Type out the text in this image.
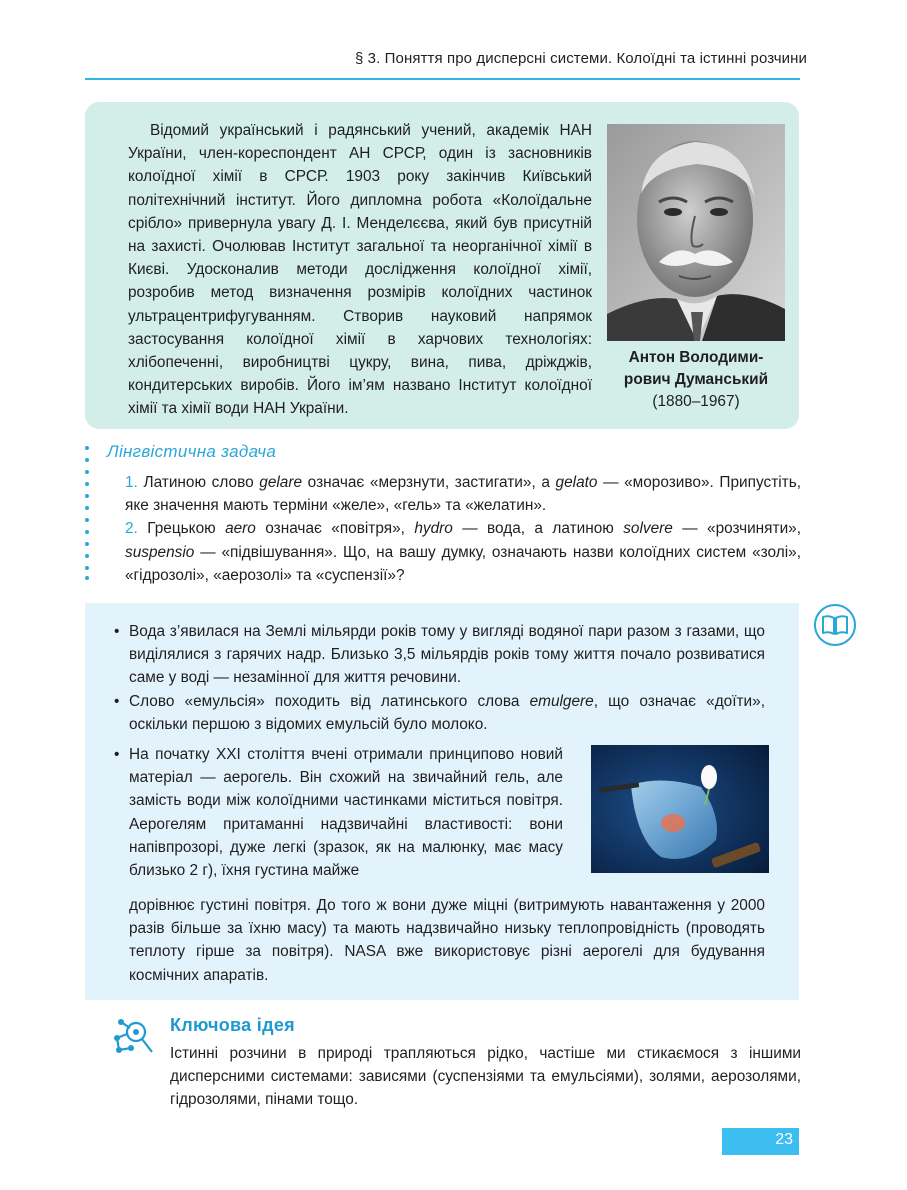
§ 3. Поняття про дисперсні системи. Колоїдні та істинні розчини

Відомий український і радянський учений, академік НАН України, член-кореспондент АН СРСР, один із засновників колоїдної хімії в СРСР. 1903 року закінчив Київський політехнічний інститут. Його дипломна робота «Колоїдальне срібло» привернула увагу Д. І. Менделєєва, який був присутній на захисті. Очолював Інститут загальної та неорганічної хімії в Києві. Удосконалив методи дослідження колоїдної хімії, розробив метод визначення розмірів колоїдних частинок ультрацентрифугуванням. Створив науковий напрямок застосування колоїдної хімії в харчових технологіях: хлібопеченні, виробництві цукру, вина, пива, дріжджів, кондитерських виробів. Його ім’ям названо Інститут колоїдної хімії та хімії води НАН України.

Антон Володими-
рович Думанський
(1880–1967)
Лінгвістична задача

1. Латиною слово gelare означає «мерзнути, застигати», а gelato — «морозиво». Припустіть, яке значення мають терміни «желе», «гель» та «желатин».

2. Грецькою aero означає «повітря», hydro — вода, а латиною solvere — «розчиняти», suspensio — «підвішування». Що, на вашу думку, означають назви колоїдних систем «золі», «гідрозолі», «аерозолі» та «суспензії»?

• Вода з’явилася на Землі мільярди років тому у вигляді водяної пари разом з газами, що виділялися з гарячих надр. Близько 3,5 мільярдів років тому життя почало розвиватися саме у воді — незамінної для життя речовини.

• Слово «емульсія» походить від латинського слова emulgere, що означає «доїти», оскільки першою з відомих емульсій було молоко.

• На початку XXI століття вчені отримали принципово новий матеріал — аерогель. Він схожий на звичайний гель, але замість води між колоїдними частинками міститься повітря. Аерогелям притаманні надзвичайні властивості: вони напівпрозорі, дуже легкі (зразок, як на малюнку, має масу близько 2 г), їхня густина майже

дорівнює густині повітря. До того ж вони дуже міцні (витримують навантаження у 2000 разів більше за їхню масу) та мають надзвичайно низьку теплопровідність (проводять теплоту гірше за повітря). NASA вже використовує різні аерогелі для будування космічних апаратів.

Ключова ідея

Істинні розчини в природі трапляються рідко, частіше ми стикаємося з іншими дисперсними системами: зависями (суспензіями та емульсіями), золями, аерозолями, гідрозолями, пінами тощо.

23
